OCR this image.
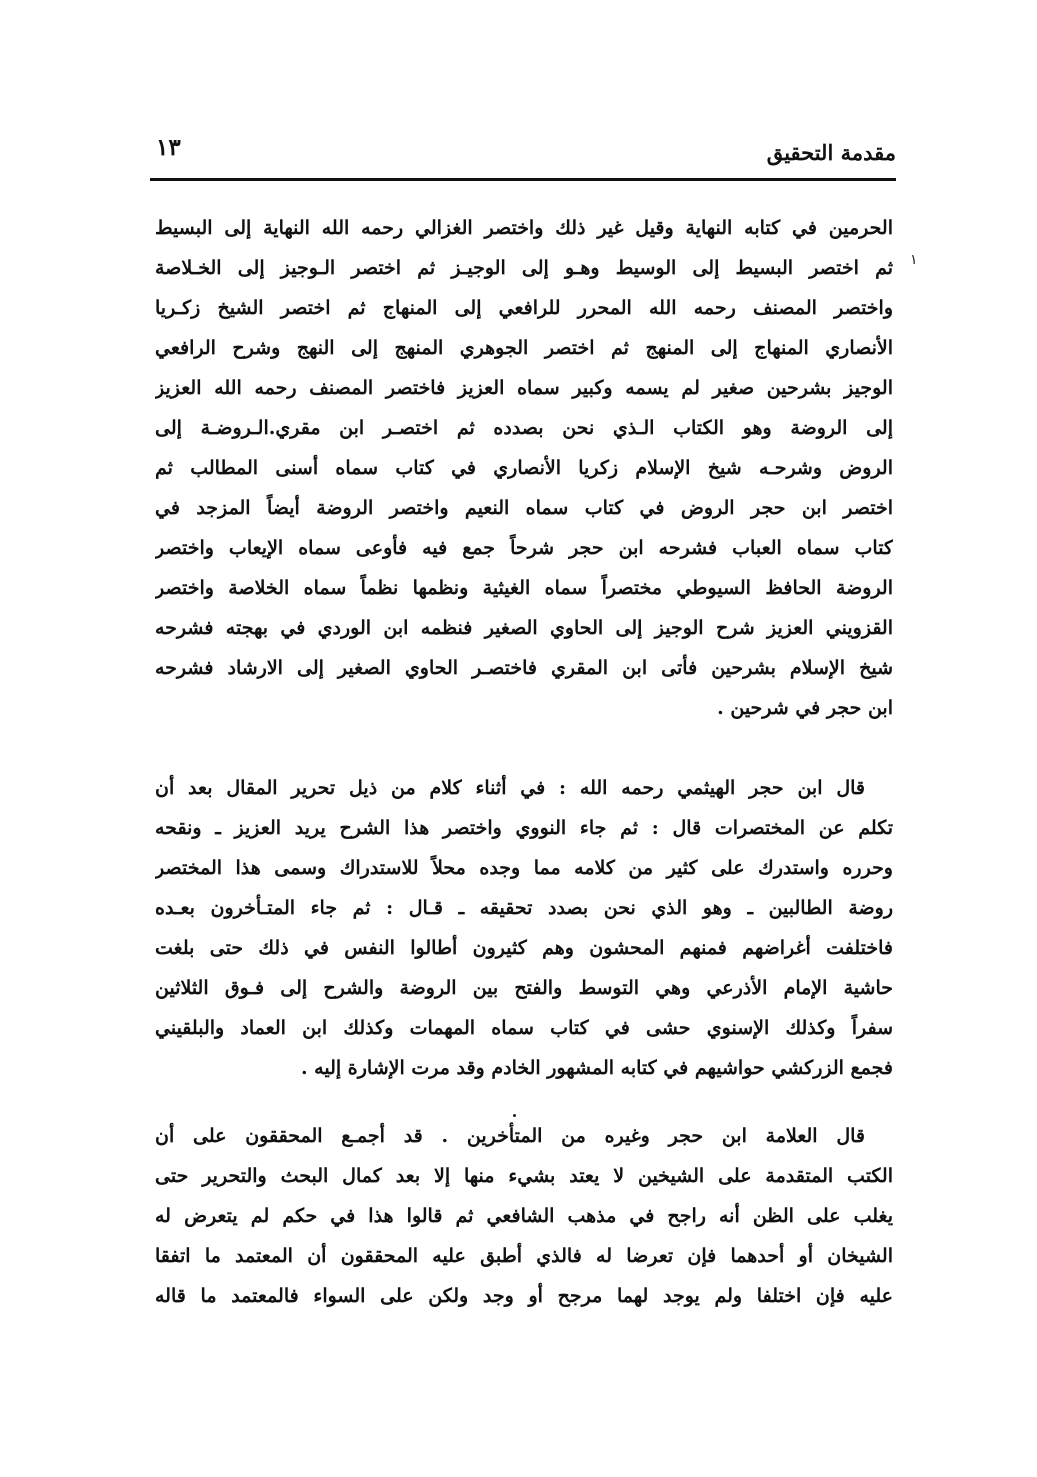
مقدمة التحقيق
١٣
١
الحرمين في كتابه النهاية وقيل غير ذلك واختصر الغزالي رحمه الله النهاية إلى البسيط
ثم اختصر البسيط إلى الوسيط وهـو إلى الوجيـز ثم اختصر الـوجيز إلى الخـلاصة
واختصر المصنف رحمه الله المحرر للرافعي إلى المنهاج ثم اختصر الشيخ زكـريا
الأنصاري المنهاج إلى المنهج ثم اختصر الجوهري المنهج إلى النهج وشرح الرافعي
الوجيز بشرحين صغير لم يسمه وكبير سماه العزيز فاختصر المصنف رحمه الله العزيز
إلى الروضة وهو الكتاب الـذي نحن بصدده ثم اختصـر ابن مقري.الـروضـة إلى
الروض وشرحـه شيخ الإسلام زكريا الأنصاري في كتاب سماه أسنى المطالب ثم
اختصر ابن حجر الروض في كتاب سماه النعيم واختصر الروضة أيضاً المزجد في
كتاب سماه العباب فشرحه ابن حجر شرحاً جمع فيه فأوعى سماه الإيعاب واختصر
الروضة الحافظ السيوطي مختصراً سماه الغيثية ونظمها نظماً سماه الخلاصة واختصر
القزويني العزيز شرح الوجيز إلى الحاوي الصغير فنظمه ابن الوردي في بهجته فشرحه
شيخ الإسلام بشرحين فأتى ابن المقري فاختصـر الحاوي الصغير إلى الارشاد فشرحه
ابن حجر في شرحين .
قال ابن حجر الهيثمي رحمه الله : في أثناء كلام من ذيل تحرير المقال بعد أن
تكلم عن المختصرات قال : ثم جاء النووي واختصر هذا الشرح يريد العزيز ـ ونقحه
وحرره واستدرك على كثير من كلامه مما وجده محلاً للاستدراك وسمى هذا المختصر
روضة الطالبين ـ وهو الذي نحن بصدد تحقيقه ـ قـال : ثم جاء المتـأخرون بعـده
فاختلفت أغراضهم فمنهم المحشون وهم كثيرون أطالوا النفس في ذلك حتى بلغت
حاشية الإمام الأذرعي وهي التوسط والفتح بين الروضة والشرح إلى فـوق الثلاثين
سفراً وكذلك الإسنوي حشى في كتاب سماه المهمات وكذلك ابن العماد والبلقيني
فجمع الزركشي حواشيهم في كتابه المشهور الخادم وقد مرت الإشارة إليه .
قال العلامة ابن حجر وغيره من المتأخرين . قد أجمـع المحققون على أن
الكتب المتقدمة على الشيخين لا يعتد بشيء منها إلا بعد كمال البحث والتحرير حتى
يغلب على الظن أنه راجح في مذهب الشافعي ثم قالوا هذا في حكم لم يتعرض له
الشيخان أو أحدهما فإن تعرضا له فالذي أطبق عليه المحققون أن المعتمد ما اتفقا
عليه فإن اختلفا ولم يوجد لهما مرجح أو وجد ولكن على السواء فالمعتمد ما قاله
